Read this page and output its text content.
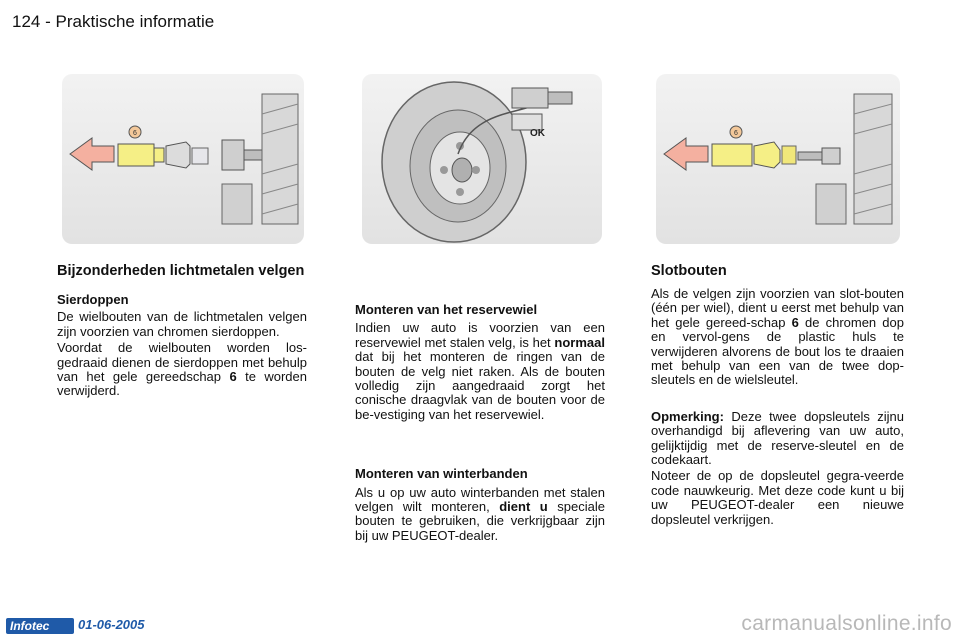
124 - Praktische informatie
6	OK	6
Bijzonderheden lichtmetalen velgen
Sierdoppen

De wielbouten van de lichtmetalen velgen zijn voorzien van chromen sierdoppen.

Voordat de wielbouten worden los-gedraaid dienen de sierdoppen met behulp van het gele gereedschap 6 te worden verwijderd.

Monteren van het reservewiel

Indien uw auto is voorzien van een reservewiel met stalen velg, is het normaal dat bij het monteren de ringen van de bouten de velg niet raken. Als de bouten volledig zijn aangedraaid zorgt het conische draagvlak van de bouten voor de be-vestiging van het reservewiel.

Monteren van winterbanden

Als u op uw auto winterbanden met stalen velgen wilt monteren, dient u speciale bouten te gebruiken, die verkrijgbaar zijn bij uw PEUGEOT-dealer.

Slotbouten

Als de velgen zijn voorzien van slot-bouten (één per wiel), dient u eerst met behulp van het gele gereed-schap 6 de chromen dop en vervol-gens de plastic huls te verwijderen alvorens de bout los te draaien met behulp van een van de twee dop-sleutels en de wielsleutel.

Opmerking: Deze twee dopsleutels zijnu overhandigd bij aflevering van uw auto, gelijktijdig met de reserve-sleutel en de codekaart.

Noteer de op de dopsleutel gegra-veerde code nauwkeurig. Met deze code kunt u bij uw PEUGEOT-dealer een nieuwe dopsleutel verkrijgen.

Infotec	01-06-2005	carmanualsonline.info
